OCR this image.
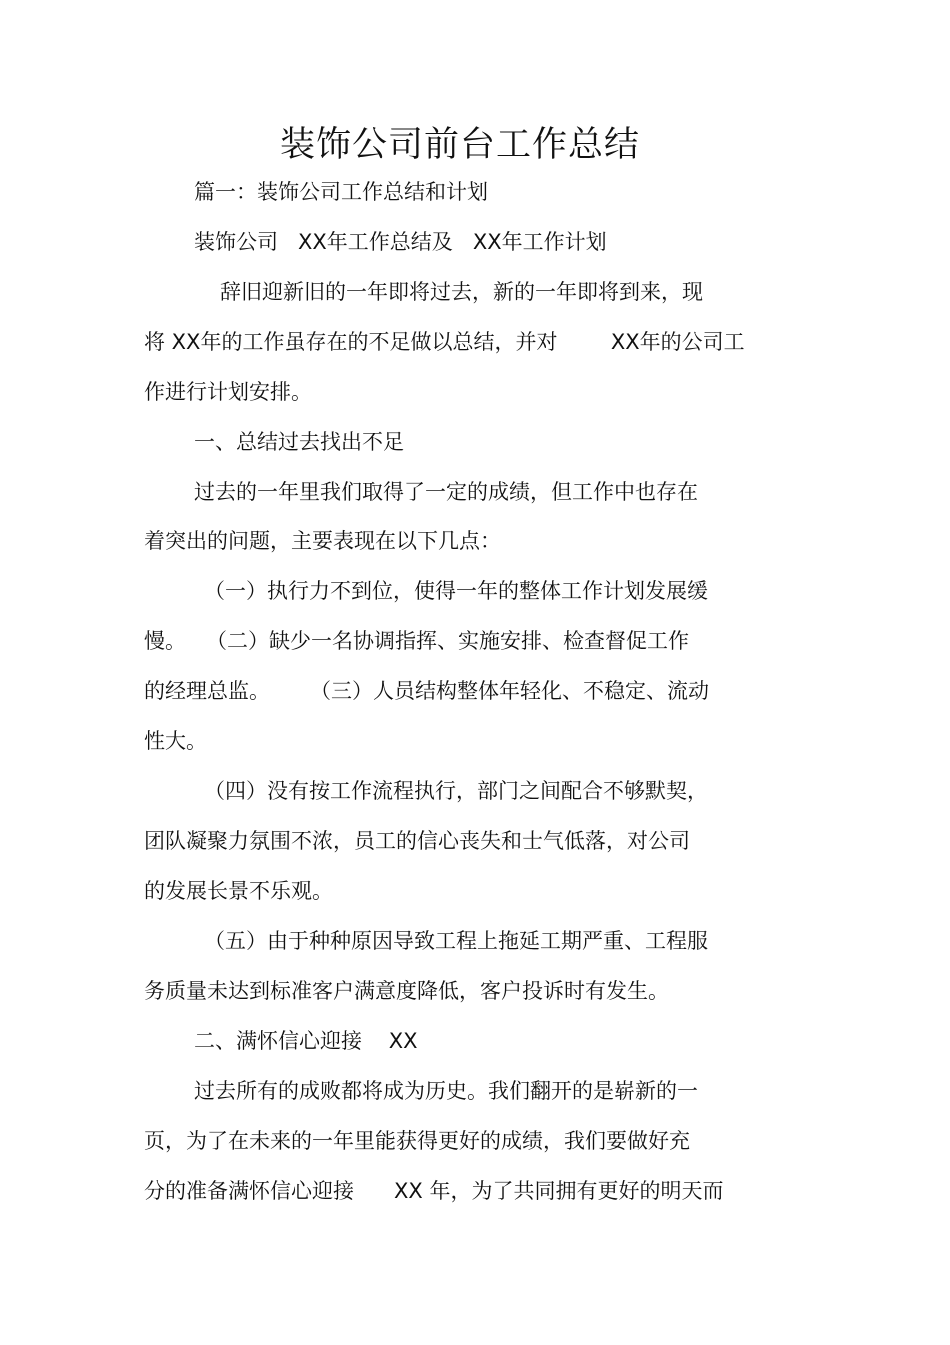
装饰公司前台工作总结
篇一：装饰公司工作总结和计划
装饰公司   XX年工作总结及   XX年工作计划
辞旧迎新旧的一年即将过去，新的一年即将到来，现
将 XX年的工作虽存在的不足做以总结，并对        XX年的公司工
作进行计划安排。
一、总结过去找出不足
过去的一年里我们取得了一定的成绩，但工作中也存在
着突出的问题，主要表现在以下几点：
（一）执行力不到位，使得一年的整体工作计划发展缓
慢。   （二）缺少一名协调指挥、实施安排、检查督促工作
的经理总监。      （三）人员结构整体年轻化、不稳定、流动
性大。
（四）没有按工作流程执行，部门之间配合不够默契，
团队凝聚力氛围不浓，员工的信心丧失和士气低落，对公司
的发展长景不乐观。
（五）由于种种原因导致工程上拖延工期严重、工程服
务质量未达到标准客户满意度降低，客户投诉时有发生。
二、满怀信心迎接    XX
过去所有的成败都将成为历史。我们翻开的是崭新的一
页，为了在未来的一年里能获得更好的成绩，我们要做好充
分的准备满怀信心迎接      XX 年，为了共同拥有更好的明天而
